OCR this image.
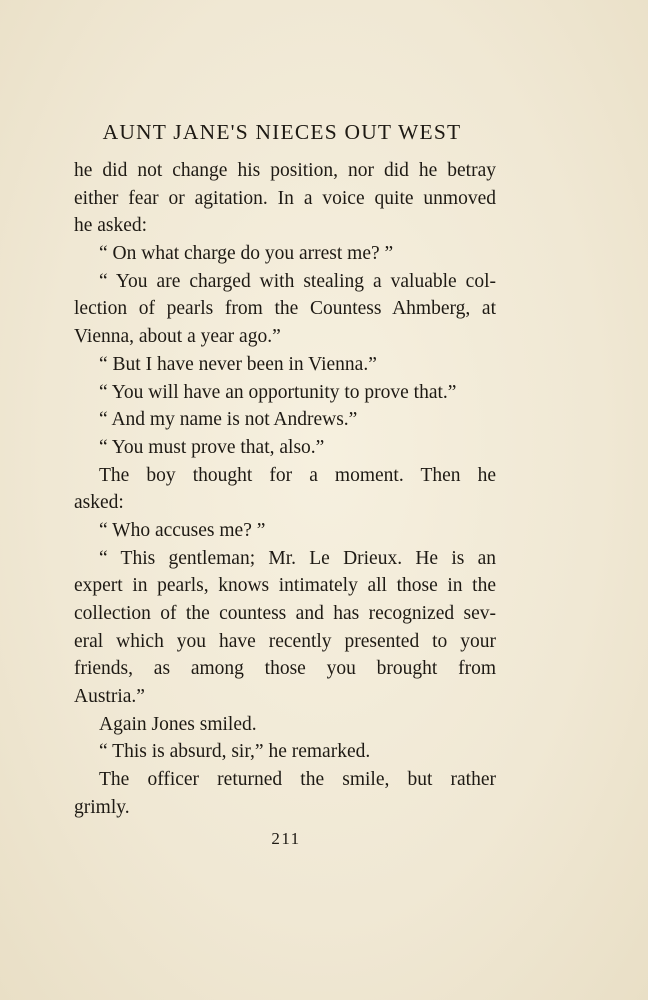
AUNT JANE'S NIECES OUT WEST
he did not change his position, nor did he betray
either fear or agitation. In a voice quite unmoved
he asked:
“ On what charge do you arrest me? ”
“ You are charged with stealing a valuable col-
lection of pearls from the Countess Ahmberg, at
Vienna, about a year ago.”
“ But I have never been in Vienna.”
“ You will have an opportunity to prove that.”
“ And my name is not Andrews.”
“ You must prove that, also.”
The boy thought for a moment. Then he
asked:
“ Who accuses me? ”
“ This gentleman; Mr. Le Drieux. He is an
expert in pearls, knows intimately all those in the
collection of the countess and has recognized sev-
eral which you have recently presented to your
friends, as among those you brought from
Austria.”
Again Jones smiled.
“ This is absurd, sir,” he remarked.
The officer returned the smile, but rather
grimly.
211
